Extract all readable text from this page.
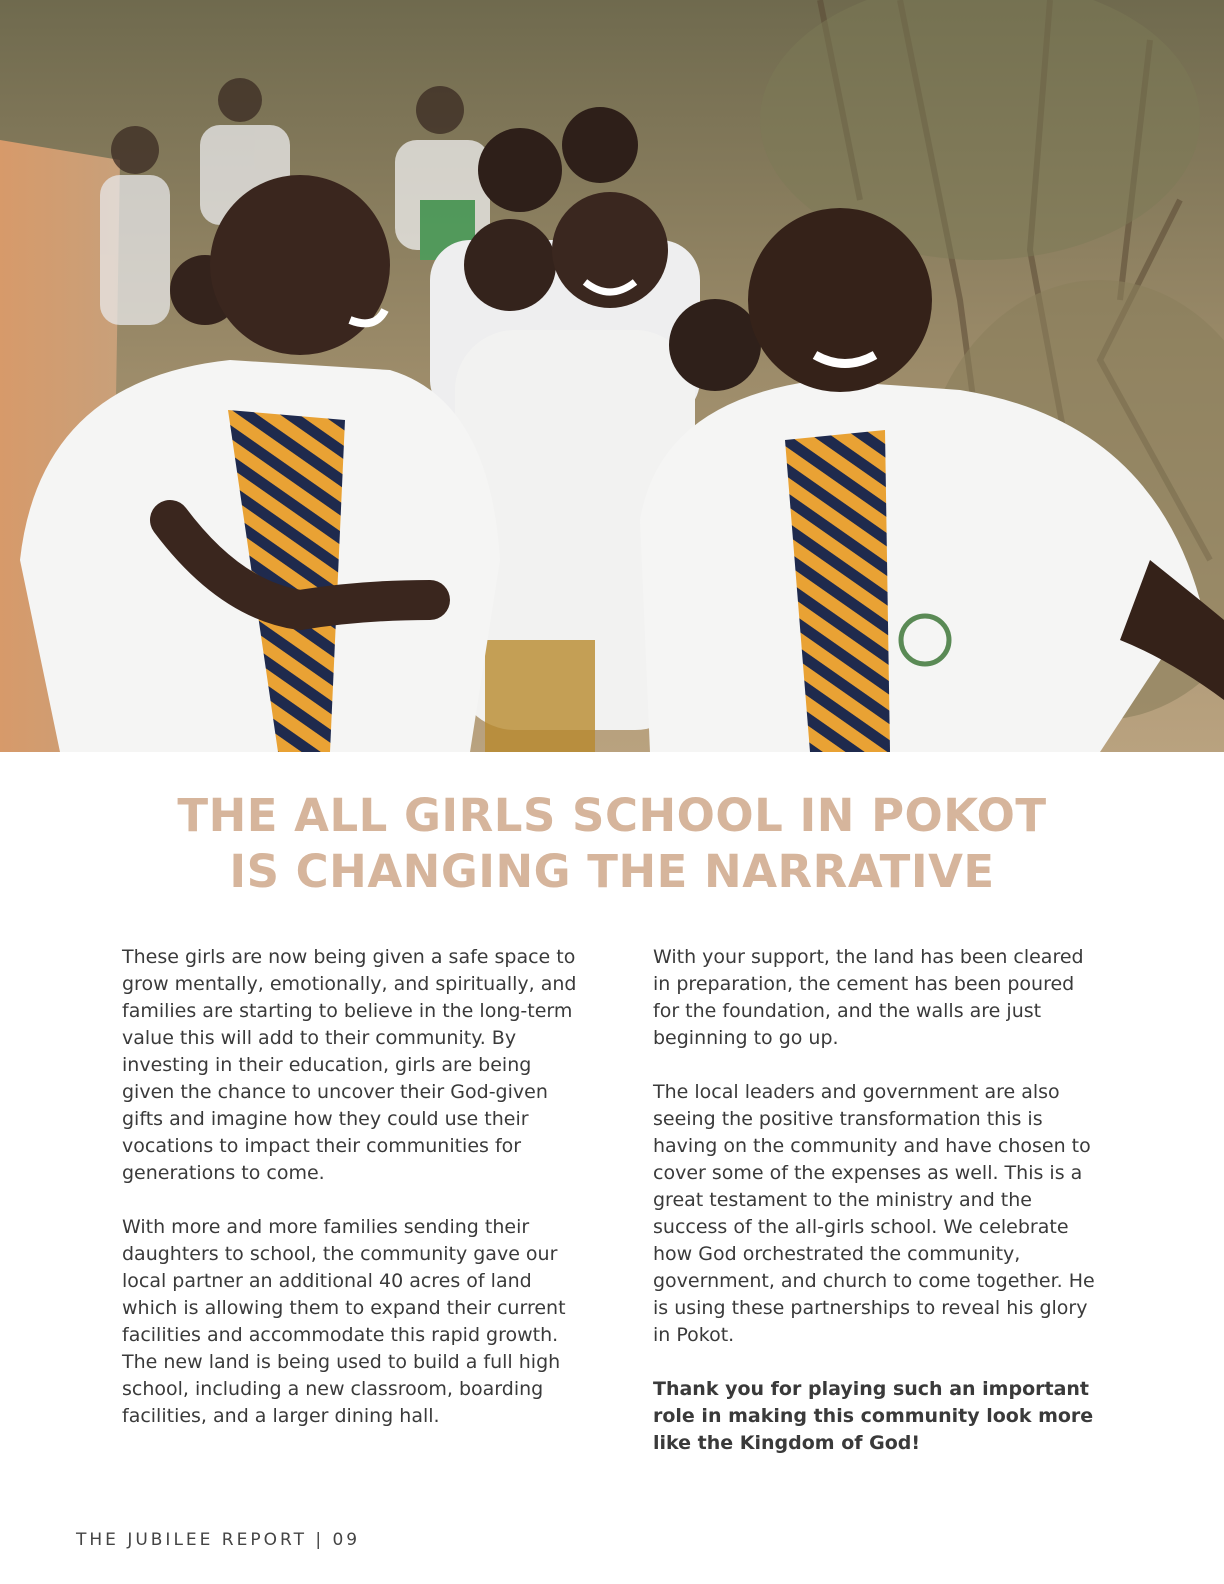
THE ALL GIRLS SCHOOL IN POKOT
IS CHANGING THE NARRATIVE

These girls are now being given a safe space to grow mentally, emotionally, and spiritually, and families are starting to believe in the long-term value this will add to their community. By investing in their education, girls are being given the chance to uncover their God-given gifts and imagine how they could use their vocations to impact their communities for generations to come.

With more and more families sending their daughters to school, the community gave our local partner an additional 40 acres of land which is allowing them to expand their current facilities and accommodate this rapid growth. The new land is being used to build a full high school, including a new classroom, boarding facilities, and a larger dining hall.

With your support, the land has been cleared in preparation, the cement has been poured for the foundation, and the walls are just beginning to go up.

The local leaders and government are also seeing the positive transformation this is having on the community and have chosen to cover some of the expenses as well. This is a great testament to the ministry and the success of the all-girls school. We celebrate how God orchestrated the community, government, and church to come together. He is using these partnerships to reveal his glory in Pokot.

Thank you for playing such an important role in making this community look more like the Kingdom of God!

THE JUBILEE REPORT | 09
